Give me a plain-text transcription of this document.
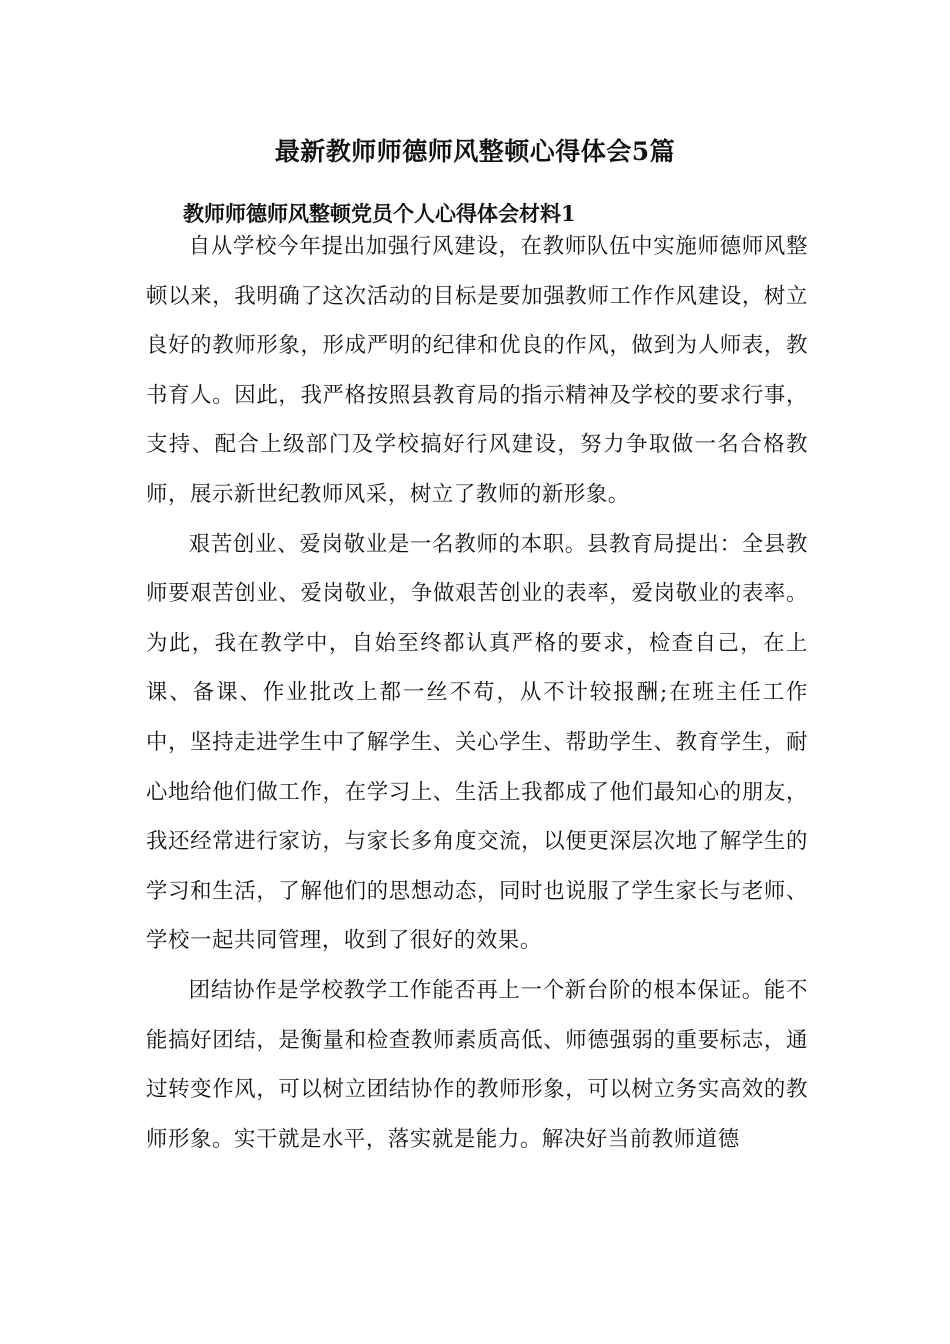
最新教师师德师风整顿心得体会5篇
教师师德师风整顿党员个人心得体会材料1

自从学校今年提出加强行风建设，在教师队伍中实施师德师风整顿以来，我明确了这次活动的目标是要加强教师工作作风建设，树立良好的教师形象，形成严明的纪律和优良的作风，做到为人师表，教书育人。因此，我严格按照县教育局的指示精神及学校的要求行事，支持、配合上级部门及学校搞好行风建设，努力争取做一名合格教师，展示新世纪教师风采，树立了教师的新形象。

艰苦创业、爱岗敬业是一名教师的本职。县教育局提出：全县教师要艰苦创业、爱岗敬业，争做艰苦创业的表率，爱岗敬业的表率。为此，我在教学中，自始至终都认真严格的要求，检查自己，在上课、备课、作业批改上都一丝不苟，从不计较报酬;在班主任工作中，坚持走进学生中了解学生、关心学生、帮助学生、教育学生，耐心地给他们做工作，在学习上、生活上我都成了他们最知心的朋友，我还经常进行家访，与家长多角度交流，以便更深层次地了解学生的学习和生活，了解他们的思想动态，同时也说服了学生家长与老师、学校一起共同管理，收到了很好的效果。

团结协作是学校教学工作能否再上一个新台阶的根本保证。能不能搞好团结，是衡量和检查教师素质高低、师德强弱的重要标志，通过转变作风，可以树立团结协作的教师形象，可以树立务实高效的教师形象。实干就是水平，落实就是能力。解决好当前教师道德
